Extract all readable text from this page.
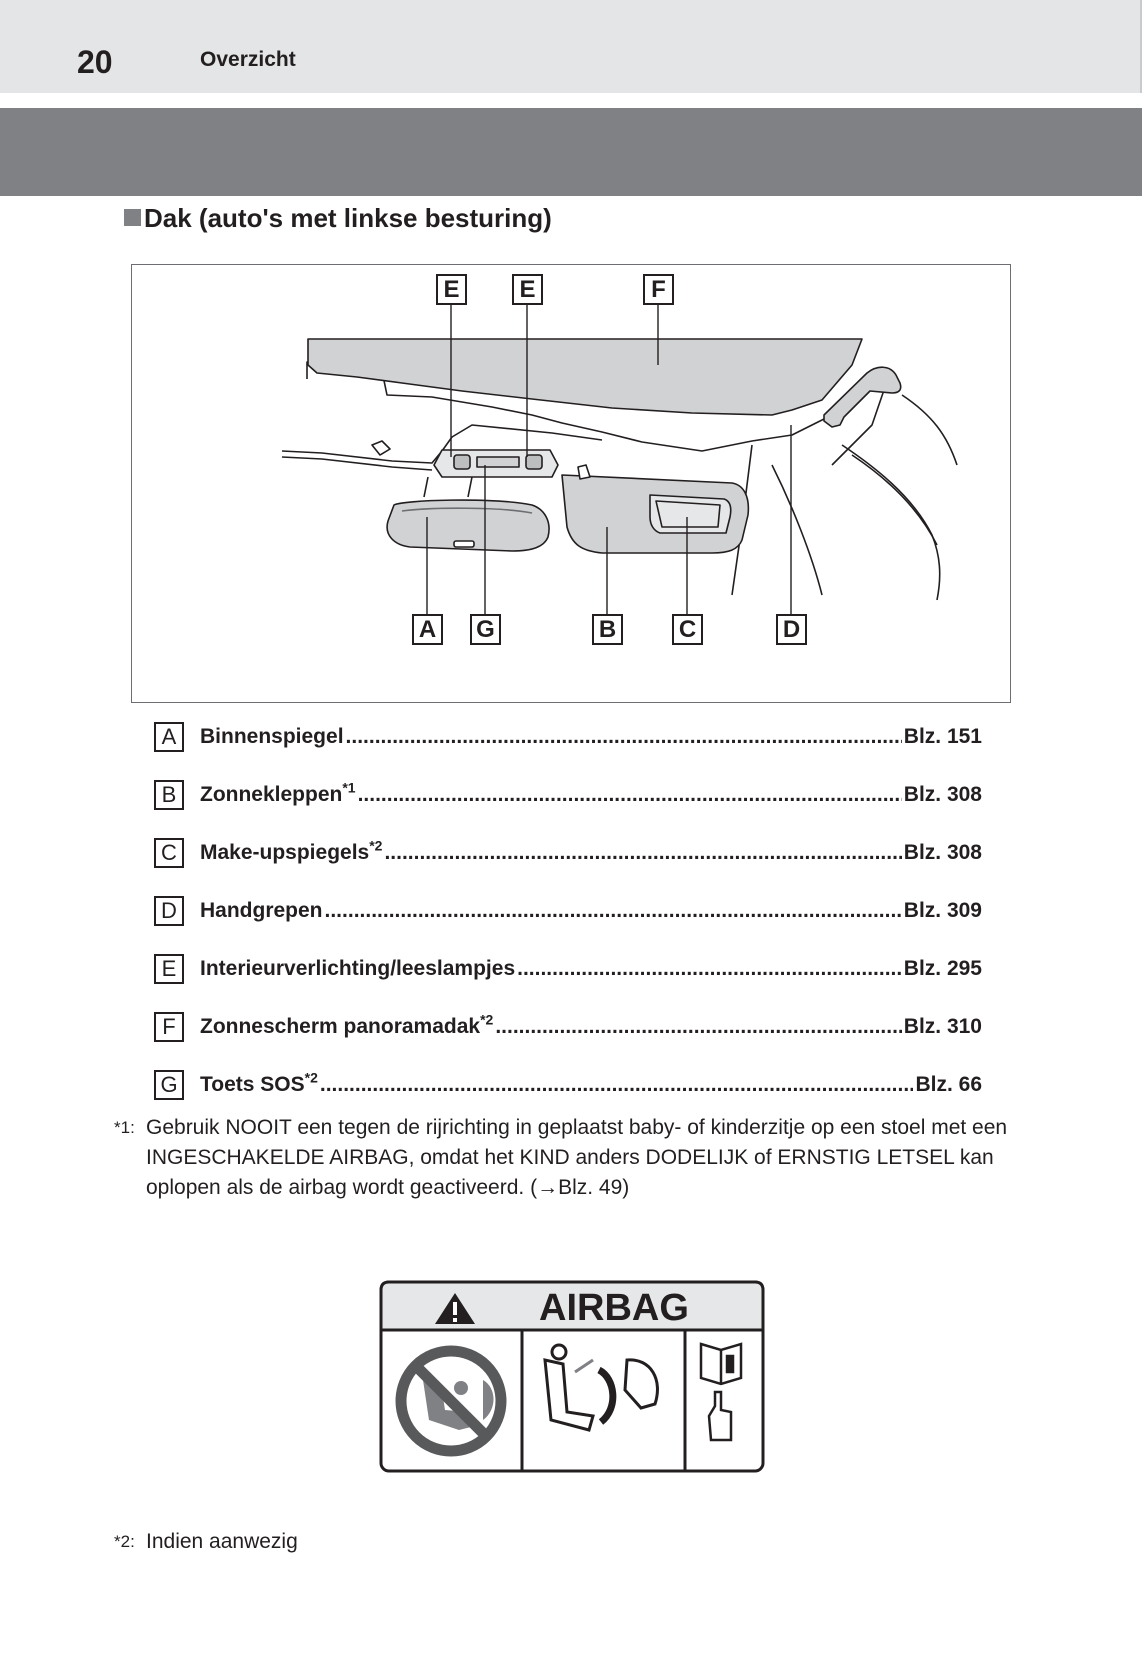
20	Overzicht
Dak (auto's met linkse besturing)
E	E	F
A G	B	C	D
A	Binnenspiegel .....	Blz. 151
B	Zonnekleppen$^{*1}$ .....	Blz. 308
C	Make-upspiegels$^{*2}$ .....	Blz. 308
D	Handgrepen .....	Blz. 309
E	Interieurverlichting/leeslampjes .....	Blz. 295
F	Zonnescherm panoramadak$^{*2}$ .....	Blz. 310
G	Toets SOS$^{*2}$ .....	Blz. 66
*1: Gebruik NOOIT een tegen de rijrichting in geplaatst baby- of kinderzitje op een stoel met een INGESCHAKELDE AIRBAG, omdat het KIND anders DODELIJK of ERNSTIG LETSEL kan oplopen als de airbag wordt geactiveerd. (→Blz. 49)
AIRBAG
*2: Indien aanwezig
